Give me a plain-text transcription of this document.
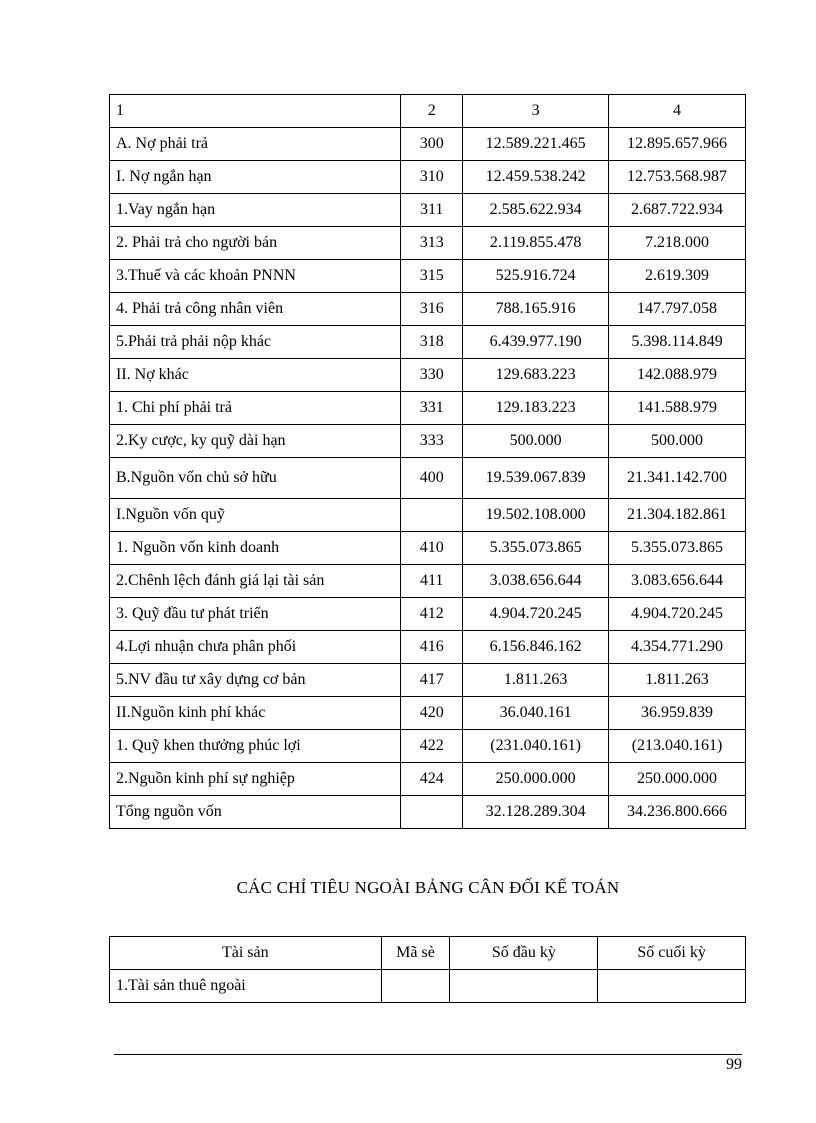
1	2	3	4
A. Nợ phải trả	300	12.589.221.465	12.895.657.966
I. Nợ ngắn hạn	310	12.459.538.242	12.753.568.987
1.Vay ngắn hạn	311	2.585.622.934	2.687.722.934
2. Phải trả cho người bán	313	2.119.855.478	7.218.000
3.Thuế và các khoản PNNN	315	525.916.724	2.619.309
4. Phải trả công nhân viên	316	788.165.916	147.797.058
5.Phải trả phải nộp khác	318	6.439.977.190	5.398.114.849
II. Nợ khác	330	129.683.223	142.088.979
1. Chi phí phải trả	331	129.183.223	141.588.979
2.Ky cược, ky quỹ dài hạn	333	500.000	500.000
B.Nguồn vốn chủ sở hữu	400	19.539.067.839	21.341.142.700
I.Nguồn vốn quỹ		19.502.108.000	21.304.182.861
1. Nguồn vốn kinh doanh	410	5.355.073.865	5.355.073.865
2.Chênh lệch đánh giá lại tài sản	411	3.038.656.644	3.083.656.644
3. Quỹ đầu tư phát triển	412	4.904.720.245	4.904.720.245
4.Lợi nhuận chưa phân phối	416	6.156.846.162	4.354.771.290
5.NV đầu tư xây dựng cơ bản	417	1.811.263	1.811.263
II.Nguồn kinh phí khác	420	36.040.161	36.959.839
1. Quỹ khen thưởng phúc lợi	422	(231.040.161)	(213.040.161)
2.Nguồn kinh phí sự nghiệp	424	250.000.000	250.000.000
Tổng nguồn vốn		32.128.289.304	34.236.800.666
CÁC CHỈ TIÊU NGOÀI BẢNG CÂN ĐỐI KẾ TOÁN
Tài sản	Mã sè	Số đầu kỳ	Số cuối kỳ
1.Tài sản thuê ngoài			
99
